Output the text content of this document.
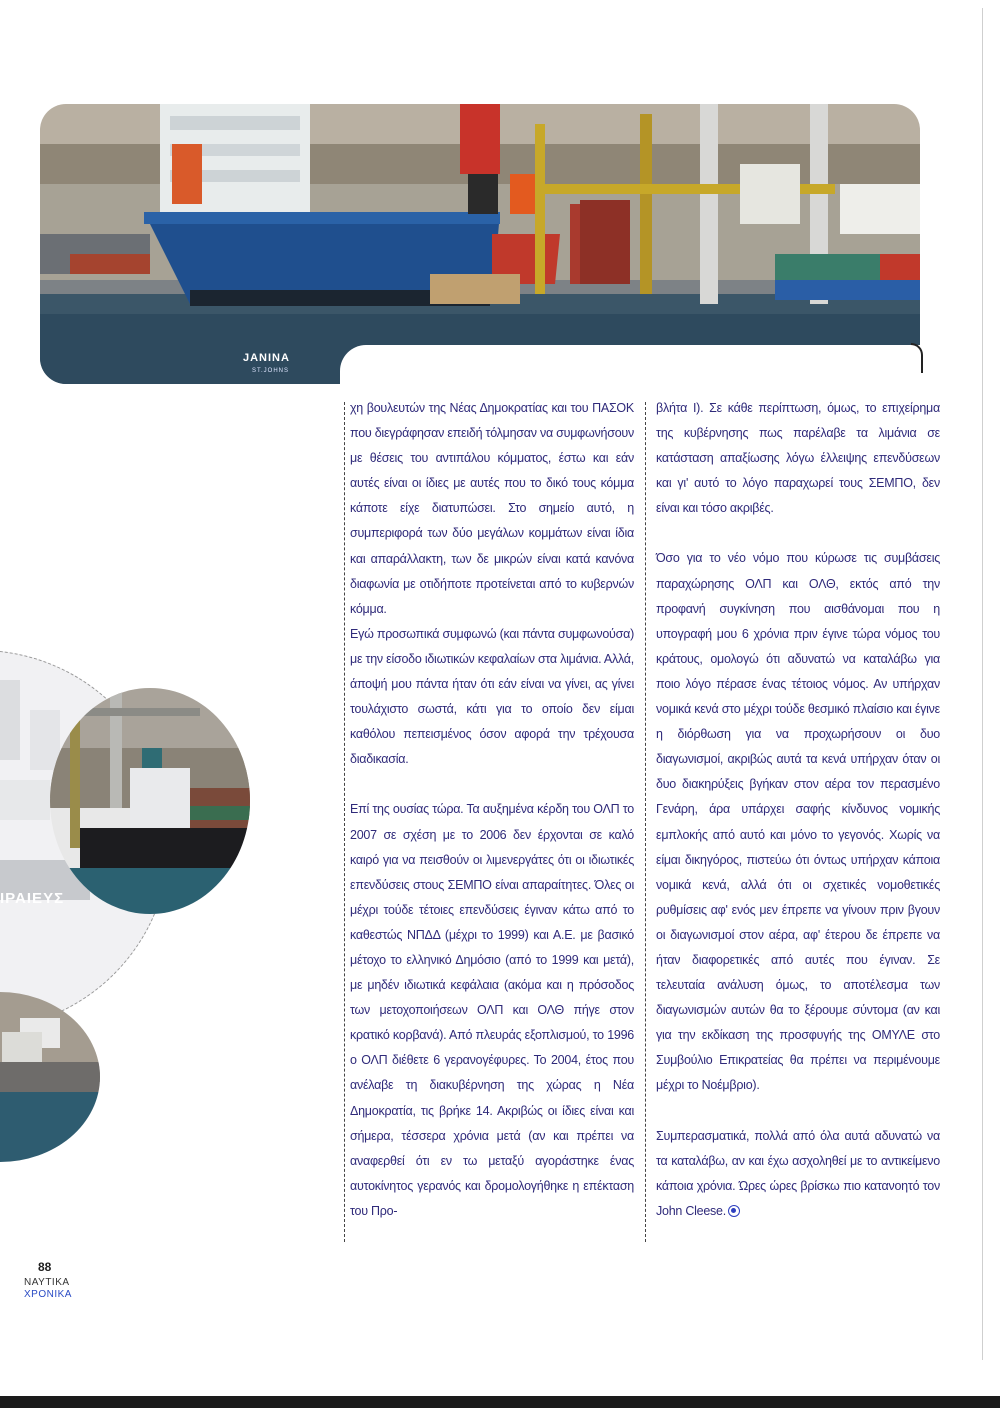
JANINA
ST.JOHNS
ΙΡΑΙΕΥΣ

χη βουλευτών της Νέας Δημοκρατίας και του ΠΑΣΟΚ που διεγράφησαν επειδή τόλμησαν να συμφωνήσουν με θέσεις του αντιπάλου κόμματος, έστω και εάν αυτές είναι οι ίδιες με αυτές που το δικό τους κόμμα κάποτε είχε διατυπώσει. Στο σημείο αυτό, η συμπεριφορά των δύο μεγάλων κομμάτων είναι ίδια και απαράλλακτη, των δε μικρών είναι κατά κανόνα διαφωνία με οτιδήποτε προτείνεται από το κυβερνών κόμμα.

Εγώ προσωπικά συμφωνώ (και πάντα συμφωνούσα) με την είσοδο ιδιωτικών κεφαλαίων στα λιμάνια. Αλλά, άποψή μου πάντα ήταν ότι εάν είναι να γίνει, ας γίνει τουλάχιστο σωστά, κάτι για το οποίο δεν είμαι καθόλου πεπεισμένος όσον αφορά την τρέχουσα διαδικασία.

Επί της ουσίας τώρα. Τα αυξημένα κέρδη του ΟΛΠ το 2007 σε σχέση με το 2006 δεν έρχονται σε καλό καιρό για να πεισθούν οι λιμενεργάτες ότι οι ιδιωτικές επενδύσεις στους ΣΕΜΠΟ είναι απαραίτητες. Όλες οι μέχρι τούδε τέτοιες επενδύσεις έγιναν κάτω από το καθεστώς ΝΠΔΔ (μέχρι το 1999) και Α.Ε. με βασικό μέτοχο το ελληνικό Δημόσιο (από το 1999 και μετά), με μηδέν ιδιωτικά κεφάλαια (ακόμα και η πρόσοδος των μετοχοποιήσεων ΟΛΠ και ΟΛΘ πήγε στον κρατικό κορβανά). Από πλευράς εξοπλισμού, το 1996 ο ΟΛΠ διέθετε 6 γερανογέφυρες. Το 2004, έτος που ανέλαβε τη διακυβέρνηση της χώρας η Νέα Δημοκρατία, τις βρήκε 14. Ακριβώς οι ίδιες είναι και σήμερα, τέσσερα χρόνια μετά (αν και πρέπει να αναφερθεί ότι εν τω μεταξύ αγοράστηκε ένας αυτοκίνητος γερανός και δρομολογήθηκε η επέκταση του Προ-

βλήτα Ι). Σε κάθε περίπτωση, όμως, το επιχείρημα της κυβέρνησης πως παρέλαβε τα λιμάνια σε κατάσταση απαξίωσης λόγω έλλειψης επενδύσεων και γι' αυτό το λόγο παραχωρεί τους ΣΕΜΠΟ, δεν είναι και τόσο ακριβές.

Όσο για το νέο νόμο που κύρωσε τις συμβάσεις παραχώρησης ΟΛΠ και ΟΛΘ, εκτός από την προφανή συγκίνηση που αισθάνομαι που η υπογραφή μου 6 χρόνια πριν έγινε τώρα νόμος του κράτους, ομολογώ ότι αδυνατώ να καταλάβω για ποιο λόγο πέρασε ένας τέτοιος νόμος. Αν υπήρχαν νομικά κενά στο μέχρι τούδε θεσμικό πλαίσιο και έγινε η διόρθωση για να προχωρήσουν οι δυο διαγωνισμοί, ακριβώς αυτά τα κενά υπήρχαν όταν οι δυο διακηρύξεις βγήκαν στον αέρα τον περασμένο Γενάρη, άρα υπάρχει σαφής κίνδυνος νομικής εμπλοκής από αυτό και μόνο το γεγονός. Χωρίς να είμαι δικηγόρος, πιστεύω ότι όντως υπήρχαν κάποια νομικά κενά, αλλά ότι οι σχετικές νομοθετικές ρυθμίσεις αφ' ενός μεν έπρεπε να γίνουν πριν βγουν οι διαγωνισμοί στον αέρα, αφ' έτερου δε έπρεπε να ήταν διαφορετικές από αυτές που έγιναν. Σε τελευταία ανάλυση όμως, το αποτέλεσμα των διαγωνισμών αυτών θα το ξέρουμε σύντομα (αν και για την εκδίκαση της προσφυγής της ΟΜΥΛΕ στο Συμβούλιο Επικρατείας θα πρέπει να περιμένουμε μέχρι το Νοέμβριο).

Συμπερασματικά, πολλά από όλα αυτά αδυνατώ να τα καταλάβω, αν και έχω ασχοληθεί με το αντικείμενο κάποια χρόνια. Ώρες ώρες βρίσκω πιο κατανοητό τον John Cleese.

88
ΝΑΥΤΙΚΑ
ΧΡΟΝΙΚΑ
